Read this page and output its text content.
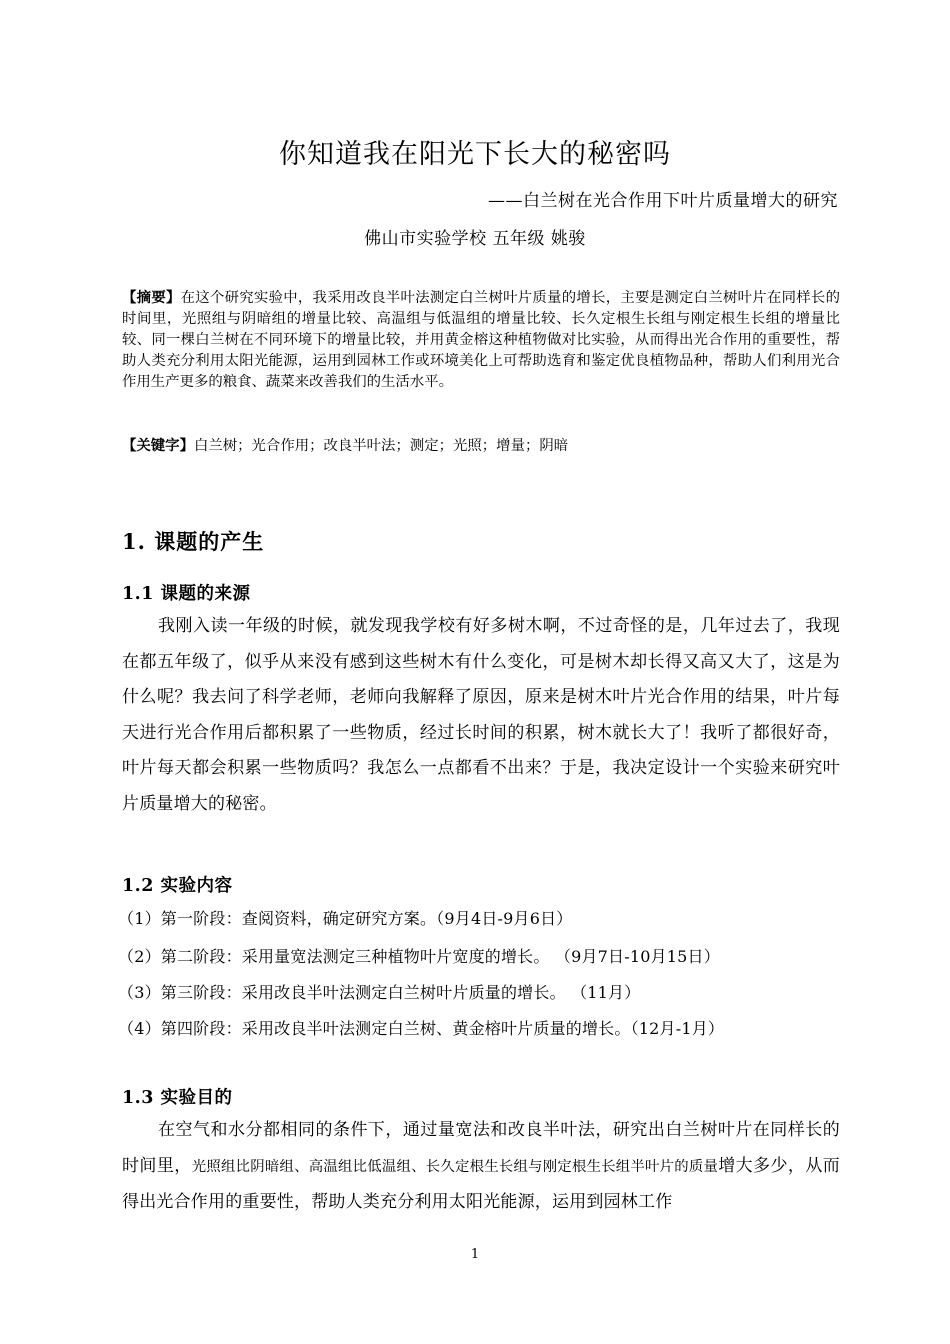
你知道我在阳光下长大的秘密吗
——白兰树在光合作用下叶片质量增大的研究
佛山市实验学校 五年级 姚骏
【摘要】在这个研究实验中，我采用改良半叶法测定白兰树叶片质量的增长，主要是测定白兰树叶片在同样长的时间里，光照组与阴暗组的增量比较、高温组与低温组的增量比较、长久定根生长组与刚定根生长组的增量比较、同一棵白兰树在不同环境下的增量比较，并用黄金榕这种植物做对比实验，从而得出光合作用的重要性，帮助人类充分利用太阳光能源，运用到园林工作或环境美化上可帮助选育和鉴定优良植物品种，帮助人们利用光合作用生产更多的粮食、蔬菜来改善我们的生活水平。
【关键字】白兰树；光合作用；改良半叶法；测定；光照；增量；阴暗
1. 课题的产生
1.1 课题的来源
我刚入读一年级的时候，就发现我学校有好多树木啊，不过奇怪的是，几年过去了，我现在都五年级了，似乎从来没有感到这些树木有什么变化，可是树木却长得又高又大了，这是为什么呢？我去问了科学老师，老师向我解释了原因，原来是树木叶片光合作用的结果，叶片每天进行光合作用后都积累了一些物质，经过长时间的积累，树木就长大了！我听了都很好奇，叶片每天都会积累一些物质吗？我怎么一点都看不出来？于是，我决定设计一个实验来研究叶片质量增大的秘密。
1.2 实验内容
（1）第一阶段：查阅资料，确定研究方案。（9月4日-9月6日）
（2）第二阶段：采用量宽法测定三种植物叶片宽度的增长。 （9月7日-10月15日）
（3）第三阶段：采用改良半叶法测定白兰树叶片质量的增长。 （11月）
（4）第四阶段：采用改良半叶法测定白兰树、黄金榕叶片质量的增长。（12月-1月）
1.3 实验目的
在空气和水分都相同的条件下，通过量宽法和改良半叶法，研究出白兰树叶片在同样长的时间里，光照组比阴暗组、高温组比低温组、长久定根生长组与刚定根生长组半叶片的质量增大多少，从而得出光合作用的重要性，帮助人类充分利用太阳光能源，运用到园林工作
1
